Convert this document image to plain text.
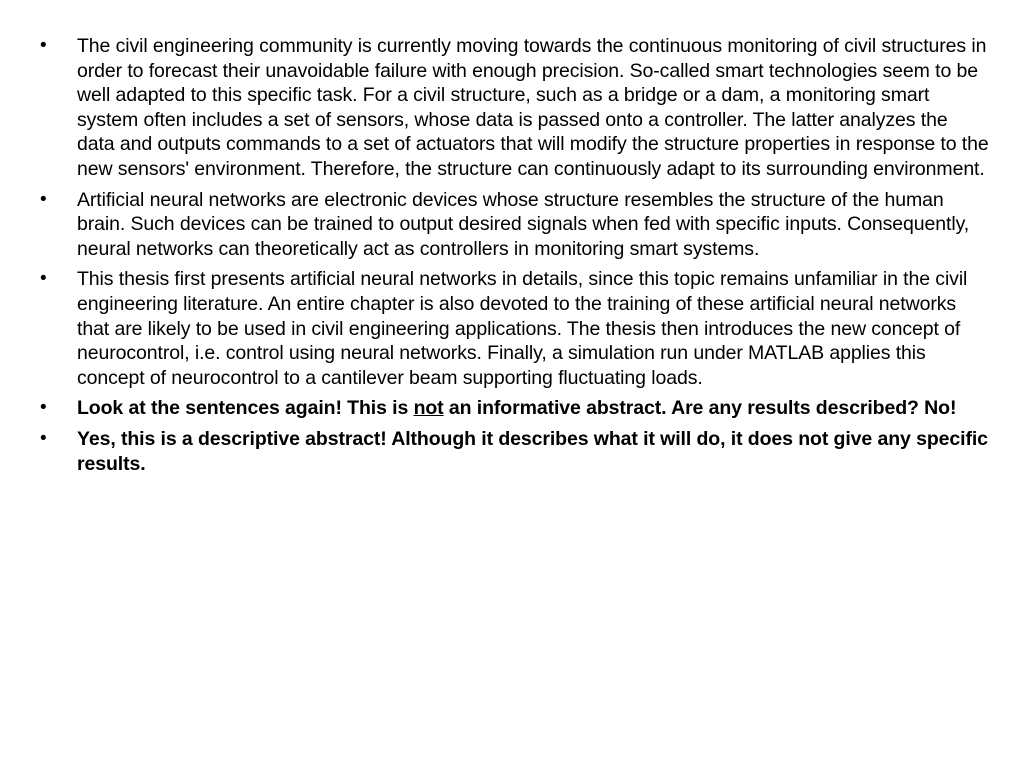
• The civil engineering community is currently moving towards the continuous monitoring of civil structures in order to forecast their unavoidable failure with enough precision. So-called smart technologies seem to be well adapted to this specific task. For a civil structure, such as a bridge or a dam, a monitoring smart system often includes a set of sensors, whose data is passed onto a controller. The latter analyzes the data and outputs commands to a set of actuators that will modify the structure properties in response to the new sensors' environment. Therefore, the structure can continuously adapt to its surrounding environment.
• Artificial neural networks are electronic devices whose structure resembles the structure of the human brain. Such devices can be trained to output desired signals when fed with specific inputs. Consequently, neural networks can theoretically act as controllers in monitoring smart systems.
• This thesis first presents artificial neural networks in details, since this topic remains unfamiliar in the civil engineering literature. An entire chapter is also devoted to the training of these artificial neural networks that are likely to be used in civil engineering applications. The thesis then introduces the new concept of neurocontrol, i.e. control using neural networks. Finally, a simulation run under MATLAB applies this concept of neurocontrol to a cantilever beam supporting fluctuating loads.
• Look at the sentences again! This is not an informative abstract. Are any results described? No!
• Yes, this is a descriptive abstract! Although it describes what it will do, it does not give any specific results.
